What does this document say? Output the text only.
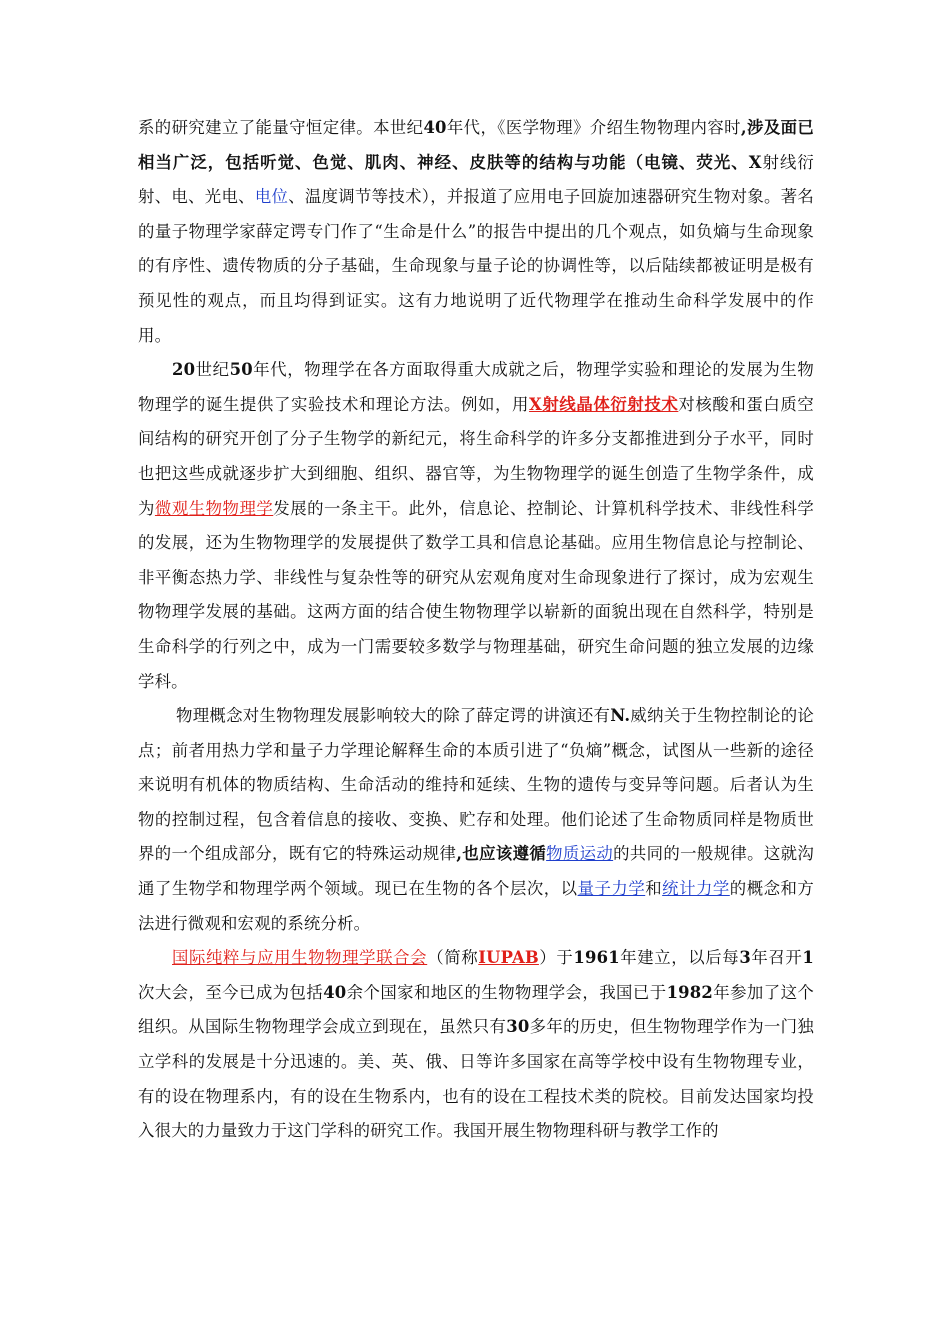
系的研究建立了能量守恒定律。本世纪40年代，《医学物理》介绍生物物理内容时,涉及面已相当广泛，包括听觉、色觉、肌肉、神经、皮肤等的结构与功能（电镜、荧光、X射线衍射、电、光电、电位、温度调节等技术），并报道了应用电子回旋加速器研究生物对象。著名的量子物理学家薛定谔专门作了“生命是什么”的报告中提出的几个观点，如负熵与生命现象的有序性、遗传物质的分子基础，生命现象与量子论的协调性等，以后陆续都被证明是极有预见性的观点，而且均得到证实。这有力地说明了近代物理学在推动生命科学发展中的作用。

20世纪50年代，物理学在各方面取得重大成就之后，物理学实验和理论的发展为生物物理学的诞生提供了实验技术和理论方法。例如，用X射线晶体衍射技术对核酸和蛋白质空间结构的研究开创了分子生物学的新纪元，将生命科学的许多分支都推进到分子水平，同时也把这些成就逐步扩大到细胞、组织、器官等，为生物物理学的诞生创造了生物学条件，成为微观生物物理学发展的一条主干。此外，信息论、控制论、计算机科学技术、非线性科学的发展，还为生物物理学的发展提供了数学工具和信息论基础。应用生物信息论与控制论、非平衡态热力学、非线性与复杂性等的研究从宏观角度对生命现象进行了探讨，成为宏观生物物理学发展的基础。这两方面的结合使生物物理学以崭新的面貌出现在自然科学，特别是生命科学的行列之中，成为一门需要较多数学与物理基础，研究生命问题的独立发展的边缘学科。

物理概念对生物物理发展影响较大的除了薛定谔的讲演还有N.威纳关于生物控制论的论点；前者用热力学和量子力学理论解释生命的本质引进了“负熵”概念，试图从一些新的途径来说明有机体的物质结构、生命活动的维持和延续、生物的遗传与变异等问题。后者认为生物的控制过程，包含着信息的接收、变换、贮存和处理。他们论述了生命物质同样是物质世界的一个组成部分，既有它的特殊运动规律,也应该遵循物质运动的共同的一般规律。这就沟通了生物学和物理学两个领域。现已在生物的各个层次，以量子力学和统计力学的概念和方法进行微观和宏观的系统分析。

国际纯粹与应用生物物理学联合会（简称IUPAB）于1961年建立，以后每3年召开1次大会，至今已成为包括40余个国家和地区的生物物理学会，我国已于1982年参加了这个组织。从国际生物物理学会成立到现在，虽然只有30多年的历史，但生物物理学作为一门独立学科的发展是十分迅速的。美、英、俄、日等许多国家在高等学校中设有生物物理专业，有的设在物理系内，有的设在生物系内，也有的设在工程技术类的院校。目前发达国家均投入很大的力量致力于这门学科的研究工作。我国开展生物物理科研与教学工作的
